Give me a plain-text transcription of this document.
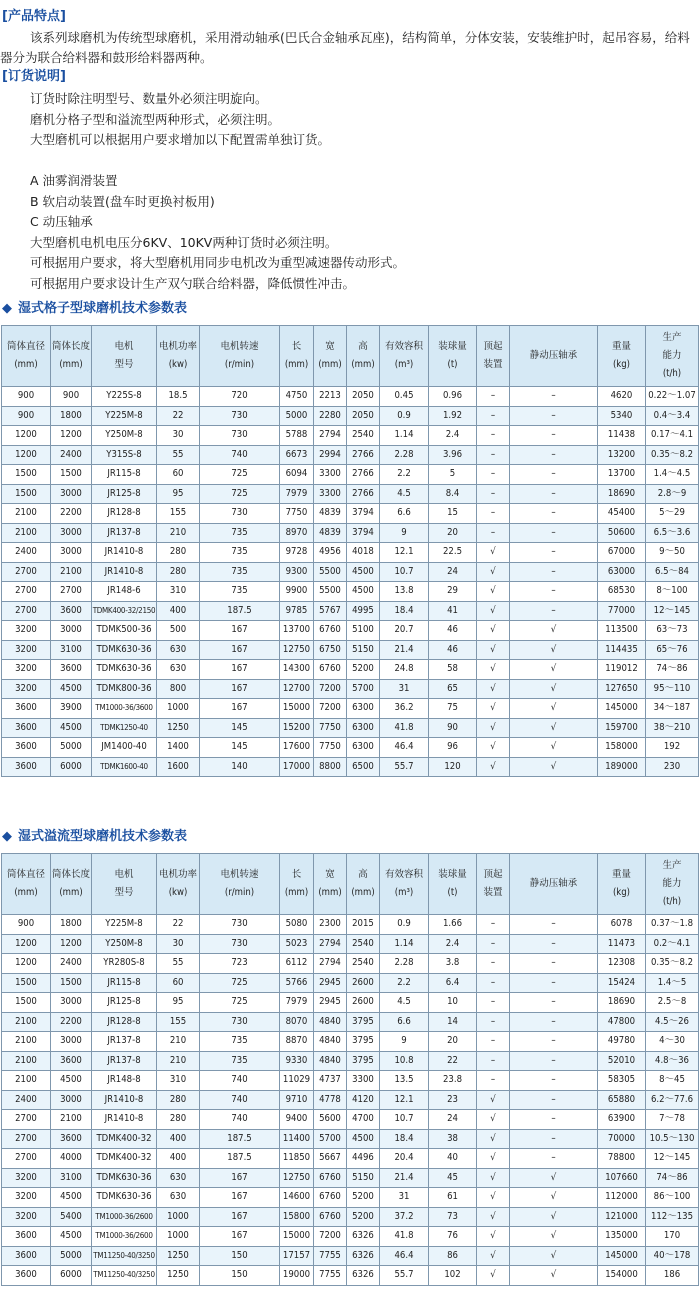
[产品特点]

该系列球磨机为传统型球磨机，采用滑动轴承(巴氏合金轴承瓦座)，结构简单，分体安装，安装维护时，起吊容易，给料器分为联合给料器和鼓形给料器两种。

[订货说明]
订货时除注明型号、数量外必须注明旋向。
磨机分格子型和溢流型两种形式，必须注明。
大型磨机可以根据用户要求增加以下配置需单独订货。
A 油雾润滑装置
B 软启动装置(盘车时更换衬板用)
C 动压轴承
大型磨机电机电压分6KV、10KV两种订货时必须注明。
可根据用户要求，将大型磨机用同步电机改为重型减速器传动形式。
可根据用户要求设计生产双勺联合给料器，降低惯性冲击。
◆ 湿式格子型球磨机技术参数表
筒体直径
(mm)	筒体长度
(mm)	电机
型号	电机功率
(kw)	电机转速
(r/min)	长
(mm)	宽
(mm)	高
(mm)	有效容积
(m³)	装球量
(t)	顶起
装置	静动压轴承	重量
(kg)	生产
能力
(t/h)
900	900	Y225S-8	18.5	720	4750	2213	2050	0.45	0.96	–	–	4620	0.22～1.07
900	1800	Y225M-8	22	730	5000	2280	2050	0.9	1.92	–	–	5340	0.4～3.4
1200	1200	Y250M-8	30	730	5788	2794	2540	1.14	2.4	–	–	11438	0.17～4.1
1200	2400	Y315S-8	55	740	6673	2994	2766	2.28	3.96	–	–	13200	0.35～8.2
1500	1500	JR115-8	60	725	6094	3300	2766	2.2	5	–	–	13700	1.4～4.5
1500	3000	JR125-8	95	725	7979	3300	2766	4.5	8.4	–	–	18690	2.8～9
2100	2200	JR128-8	155	730	7750	4839	3794	6.6	15	–	–	45400	5～29
2100	3000	JR137-8	210	735	8970	4839	3794	9	20	–	–	50600	6.5～3.6
2400	3000	JR1410-8	280	735	9728	4956	4018	12.1	22.5	√	–	67000	9～50
2700	2100	JR1410-8	280	735	9300	5500	4500	10.7	24	√	–	63000	6.5～84
2700	2700	JR148-6	310	735	9900	5500	4500	13.8	29	√	–	68530	8～100
2700	3600	TDMK400-32/2150	400	187.5	9785	5767	4995	18.4	41	√	–	77000	12～145
3200	3000	TDMK500-36	500	167	13700	6760	5100	20.7	46	√	√	113500	63～73
3200	3100	TDMK630-36	630	167	12750	6750	5150	21.4	46	√	√	114435	65～76
3200	3600	TDMK630-36	630	167	14300	6760	5200	24.8	58	√	√	119012	74～86
3200	4500	TDMK800-36	800	167	12700	7200	5700	31	65	√	√	127650	95～110
3600	3900	TM1000-36/3600	1000	167	15000	7200	6300	36.2	75	√	√	145000	34～187
3600	4500	TDMK1250-40	1250	145	15200	7750	6300	41.8	90	√	√	159700	38～210
3600	5000	JM1400-40	1400	145	17600	7750	6300	46.4	96	√	√	158000	192
3600	6000	TDMK1600-40	1600	140	17000	8800	6500	55.7	120	√	√	189000	230
◆ 湿式溢流型球磨机技术参数表
筒体直径
(mm)	筒体长度
(mm)	电机
型号	电机功率
(kw)	电机转速
(r/min)	长
(mm)	宽
(mm)	高
(mm)	有效容积
(m³)	装球量
(t)	顶起
装置	静动压轴承	重量
(kg)	生产
能力
(t/h)
900	1800	Y225M-8	22	730	5080	2300	2015	0.9	1.66	–	–	6078	0.37～1.8
1200	1200	Y250M-8	30	730	5023	2794	2540	1.14	2.4	–	–	11473	0.2～4.1
1200	2400	YR280S-8	55	723	6112	2794	2540	2.28	3.8	–	–	12308	0.35～8.2
1500	1500	JR115-8	60	725	5766	2945	2600	2.2	6.4	–	–	15424	1.4～5
1500	3000	JR125-8	95	725	7979	2945	2600	4.5	10	–	–	18690	2.5～8
2100	2200	JR128-8	155	730	8070	4840	3795	6.6	14	–	–	47800	4.5～26
2100	3000	JR137-8	210	735	8870	4840	3795	9	20	–	–	49780	4～30
2100	3600	JR137-8	210	735	9330	4840	3795	10.8	22	–	–	52010	4.8～36
2100	4500	JR148-8	310	740	11029	4737	3300	13.5	23.8	–	–	58305	8～45
2400	3000	JR1410-8	280	740	9710	4778	4120	12.1	23	√	–	65880	6.2～77.6
2700	2100	JR1410-8	280	740	9400	5600	4700	10.7	24	√	–	63900	7～78
2700	3600	TDMK400-32	400	187.5	11400	5700	4500	18.4	38	√	–	70000	10.5～130
2700	4000	TDMK400-32	400	187.5	11850	5667	4496	20.4	40	√	–	78800	12～145
3200	3100	TDMK630-36	630	167	12750	6760	5150	21.4	45	√	√	107660	74～86
3200	4500	TDMK630-36	630	167	14600	6760	5200	31	61	√	√	112000	86～100
3200	5400	TM1000-36/2600	1000	167	15800	6760	5200	37.2	73	√	√	121000	112～135
3600	4500	TM1000-36/2600	1000	167	15000	7200	6326	41.8	76	√	√	135000	170
3600	5000	TM11250-40/3250	1250	150	17157	7755	6326	46.4	86	√	√	145000	40～178
3600	6000	TM11250-40/3250	1250	150	19000	7755	6326	55.7	102	√	√	154000	186
